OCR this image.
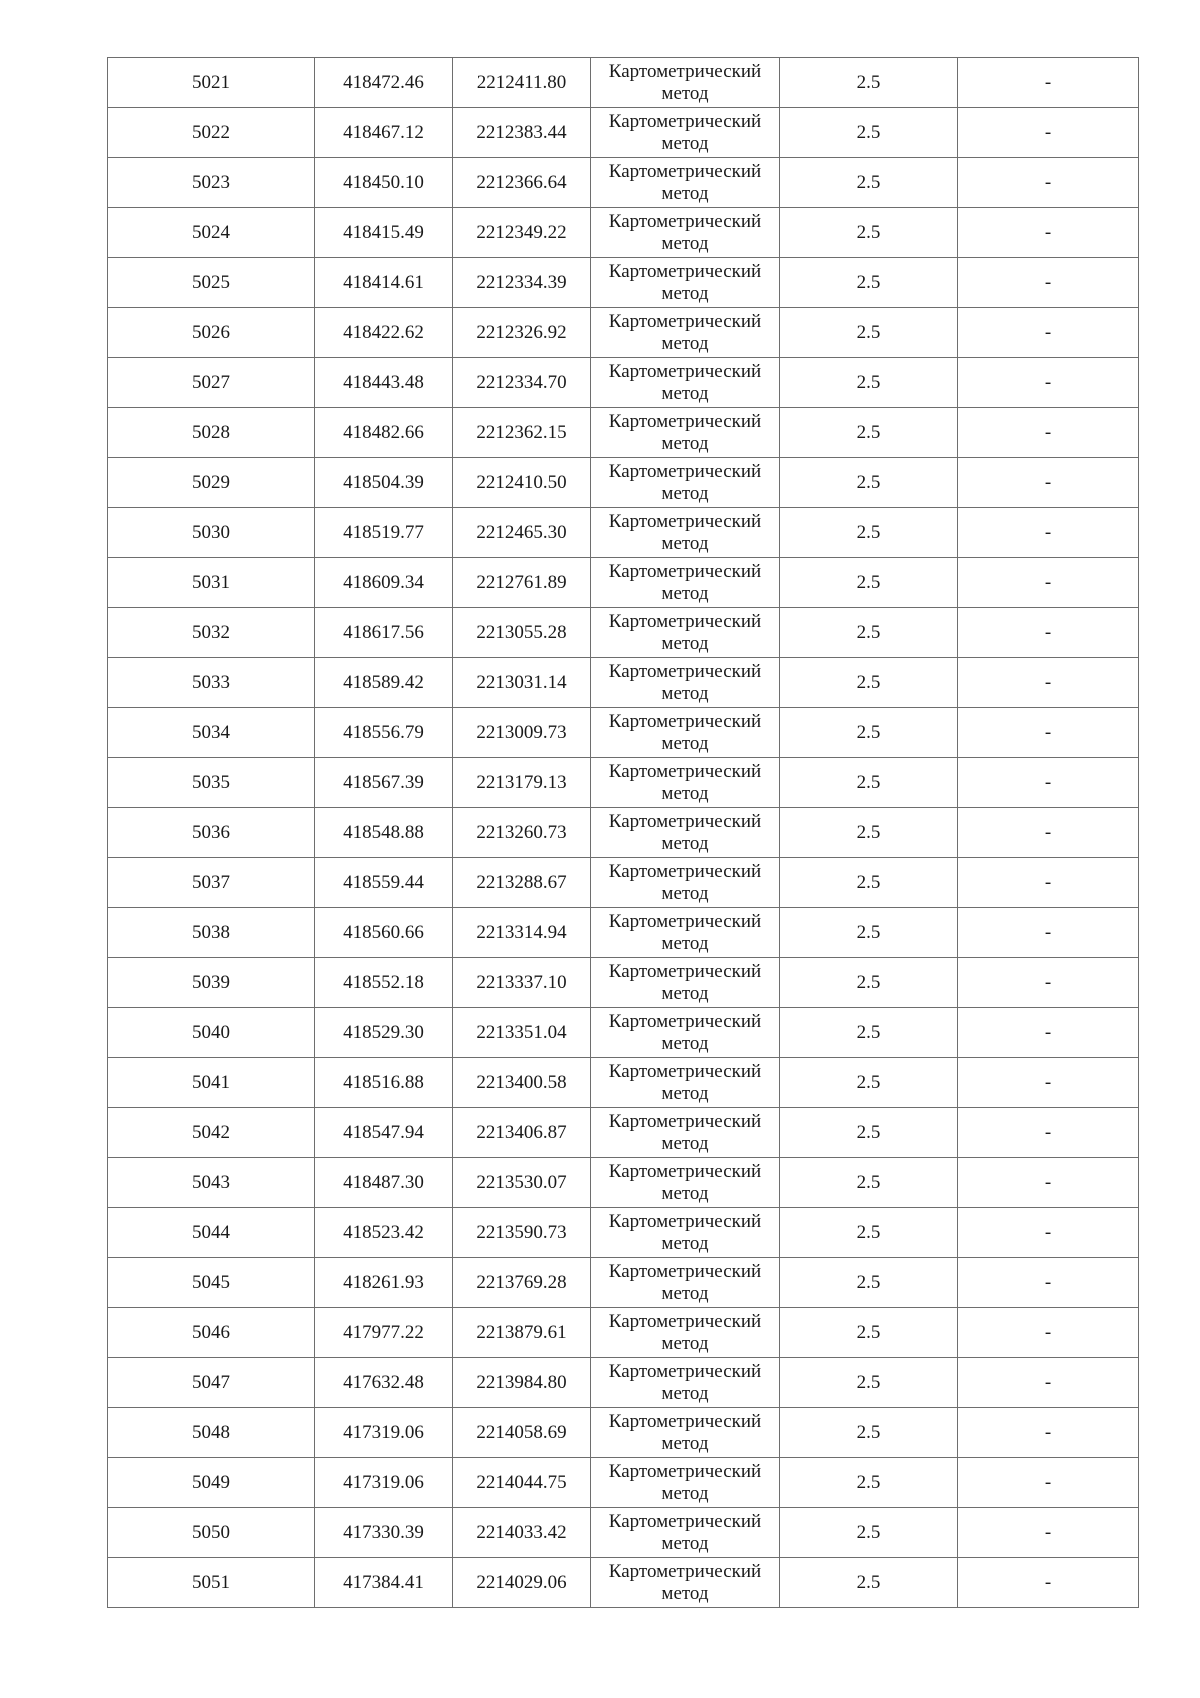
5021	418472.46	2212411.80	Картометрический метод	2.5	-
5022	418467.12	2212383.44	Картометрический метод	2.5	-
5023	418450.10	2212366.64	Картометрический метод	2.5	-
5024	418415.49	2212349.22	Картометрический метод	2.5	-
5025	418414.61	2212334.39	Картометрический метод	2.5	-
5026	418422.62	2212326.92	Картометрический метод	2.5	-
5027	418443.48	2212334.70	Картометрический метод	2.5	-
5028	418482.66	2212362.15	Картометрический метод	2.5	-
5029	418504.39	2212410.50	Картометрический метод	2.5	-
5030	418519.77	2212465.30	Картометрический метод	2.5	-
5031	418609.34	2212761.89	Картометрический метод	2.5	-
5032	418617.56	2213055.28	Картометрический метод	2.5	-
5033	418589.42	2213031.14	Картометрический метод	2.5	-
5034	418556.79	2213009.73	Картометрический метод	2.5	-
5035	418567.39	2213179.13	Картометрический метод	2.5	-
5036	418548.88	2213260.73	Картометрический метод	2.5	-
5037	418559.44	2213288.67	Картометрический метод	2.5	-
5038	418560.66	2213314.94	Картометрический метод	2.5	-
5039	418552.18	2213337.10	Картометрический метод	2.5	-
5040	418529.30	2213351.04	Картометрический метод	2.5	-
5041	418516.88	2213400.58	Картометрический метод	2.5	-
5042	418547.94	2213406.87	Картометрический метод	2.5	-
5043	418487.30	2213530.07	Картометрический метод	2.5	-
5044	418523.42	2213590.73	Картометрический метод	2.5	-
5045	418261.93	2213769.28	Картометрический метод	2.5	-
5046	417977.22	2213879.61	Картометрический метод	2.5	-
5047	417632.48	2213984.80	Картометрический метод	2.5	-
5048	417319.06	2214058.69	Картометрический метод	2.5	-
5049	417319.06	2214044.75	Картометрический метод	2.5	-
5050	417330.39	2214033.42	Картометрический метод	2.5	-
5051	417384.41	2214029.06	Картометрический метод	2.5	-
